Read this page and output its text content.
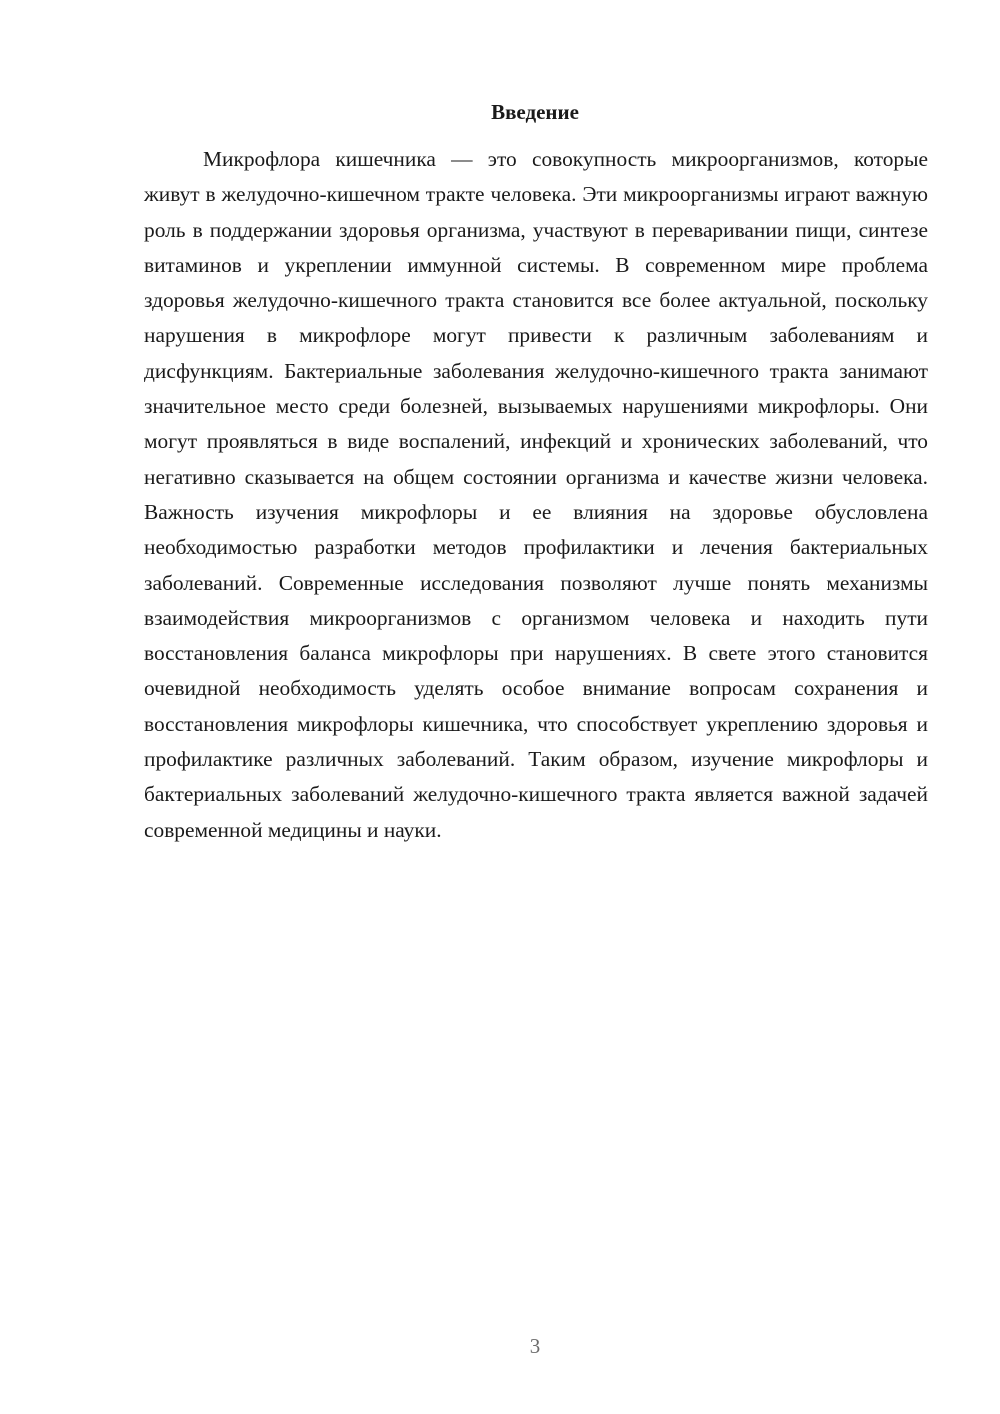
Введение

Микрофлора кишечника — это совокупность микроорганизмов, которые живут в желудочно-кишечном тракте человека. Эти микроорганизмы играют важную роль в поддержании здоровья организма, участвуют в переваривании пищи, синтезе витаминов и укреплении иммунной системы. В современном мире проблема здоровья желудочно-кишечного тракта становится все более актуальной, поскольку нарушения в микрофлоре могут привести к различным заболеваниям и дисфункциям. Бактериальные заболевания желудочно-кишечного тракта занимают значительное место среди болезней, вызываемых нарушениями микрофлоры. Они могут проявляться в виде воспалений, инфекций и хронических заболеваний, что негативно сказывается на общем состоянии организма и качестве жизни человека. Важность изучения микрофлоры и ее влияния на здоровье обусловлена необходимостью разработки методов профилактики и лечения бактериальных заболеваний. Современные исследования позволяют лучше понять механизмы взаимодействия микроорганизмов с организмом человека и находить пути восстановления баланса микрофлоры при нарушениях. В свете этого становится очевидной необходимость уделять особое внимание вопросам сохранения и восстановления микрофлоры кишечника, что способствует укреплению здоровья и профилактике различных заболеваний. Таким образом, изучение микрофлоры и бактериальных заболеваний желудочно-кишечного тракта является важной задачей современной медицины и науки.

3
